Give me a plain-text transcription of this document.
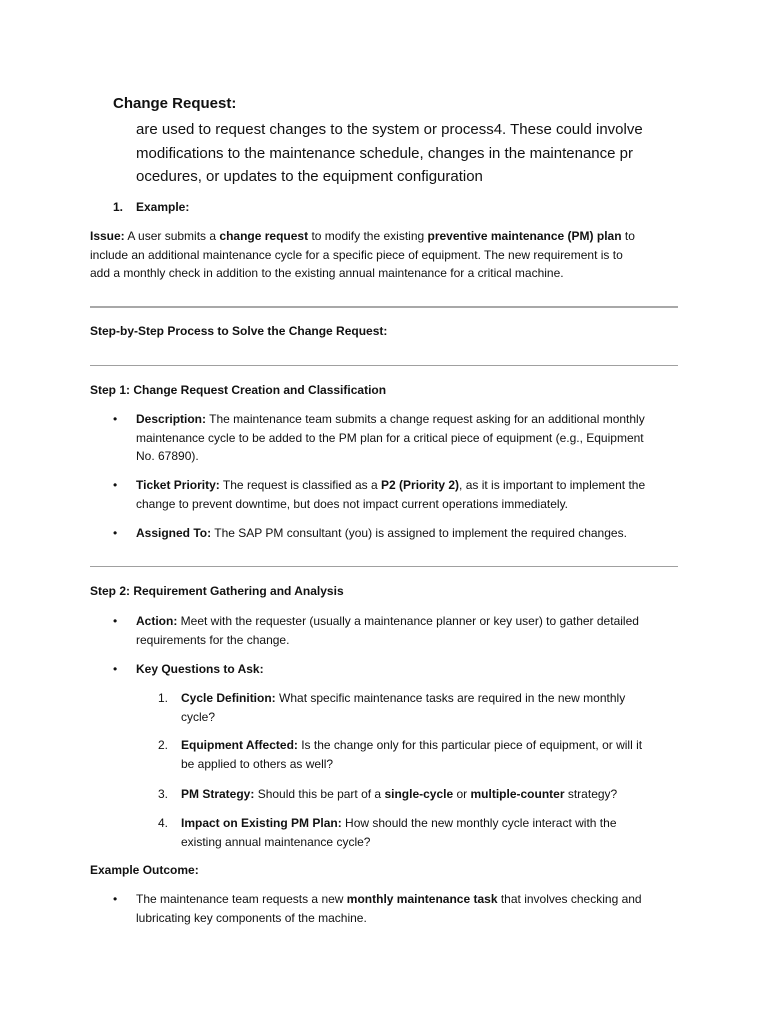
Change Request:
are used to request changes to the system or process4. These could involve
modifications to the maintenance schedule, changes in the maintenance pr
ocedures, or updates to the equipment configuration
1. Example:
Issue: A user submits a change request to modify the existing preventive maintenance (PM) plan to
include an additional maintenance cycle for a specific piece of equipment. The new requirement is to
add a monthly check in addition to the existing annual maintenance for a critical machine.
Step-by-Step Process to Solve the Change Request:
Step 1: Change Request Creation and Classification
•	Description: The maintenance team submits a change request asking for an additional monthly
maintenance cycle to be added to the PM plan for a critical piece of equipment (e.g., Equipment
No. 67890).
•	Ticket Priority: The request is classified as a P2 (Priority 2), as it is important to implement the
change to prevent downtime, but does not impact current operations immediately.
•	Assigned To: The SAP PM consultant (you) is assigned to implement the required changes.
Step 2: Requirement Gathering and Analysis
•	Action: Meet with the requester (usually a maintenance planner or key user) to gather detailed
requirements for the change.
•	Key Questions to Ask:
1.	Cycle Definition: What specific maintenance tasks are required in the new monthly
cycle?
2.	Equipment Affected: Is the change only for this particular piece of equipment, or will it
be applied to others as well?
3.	PM Strategy: Should this be part of a single-cycle or multiple-counter strategy?
4.	Impact on Existing PM Plan: How should the new monthly cycle interact with the
existing annual maintenance cycle?
Example Outcome:
•	The maintenance team requests a new monthly maintenance task that involves checking and
lubricating key components of the machine.
